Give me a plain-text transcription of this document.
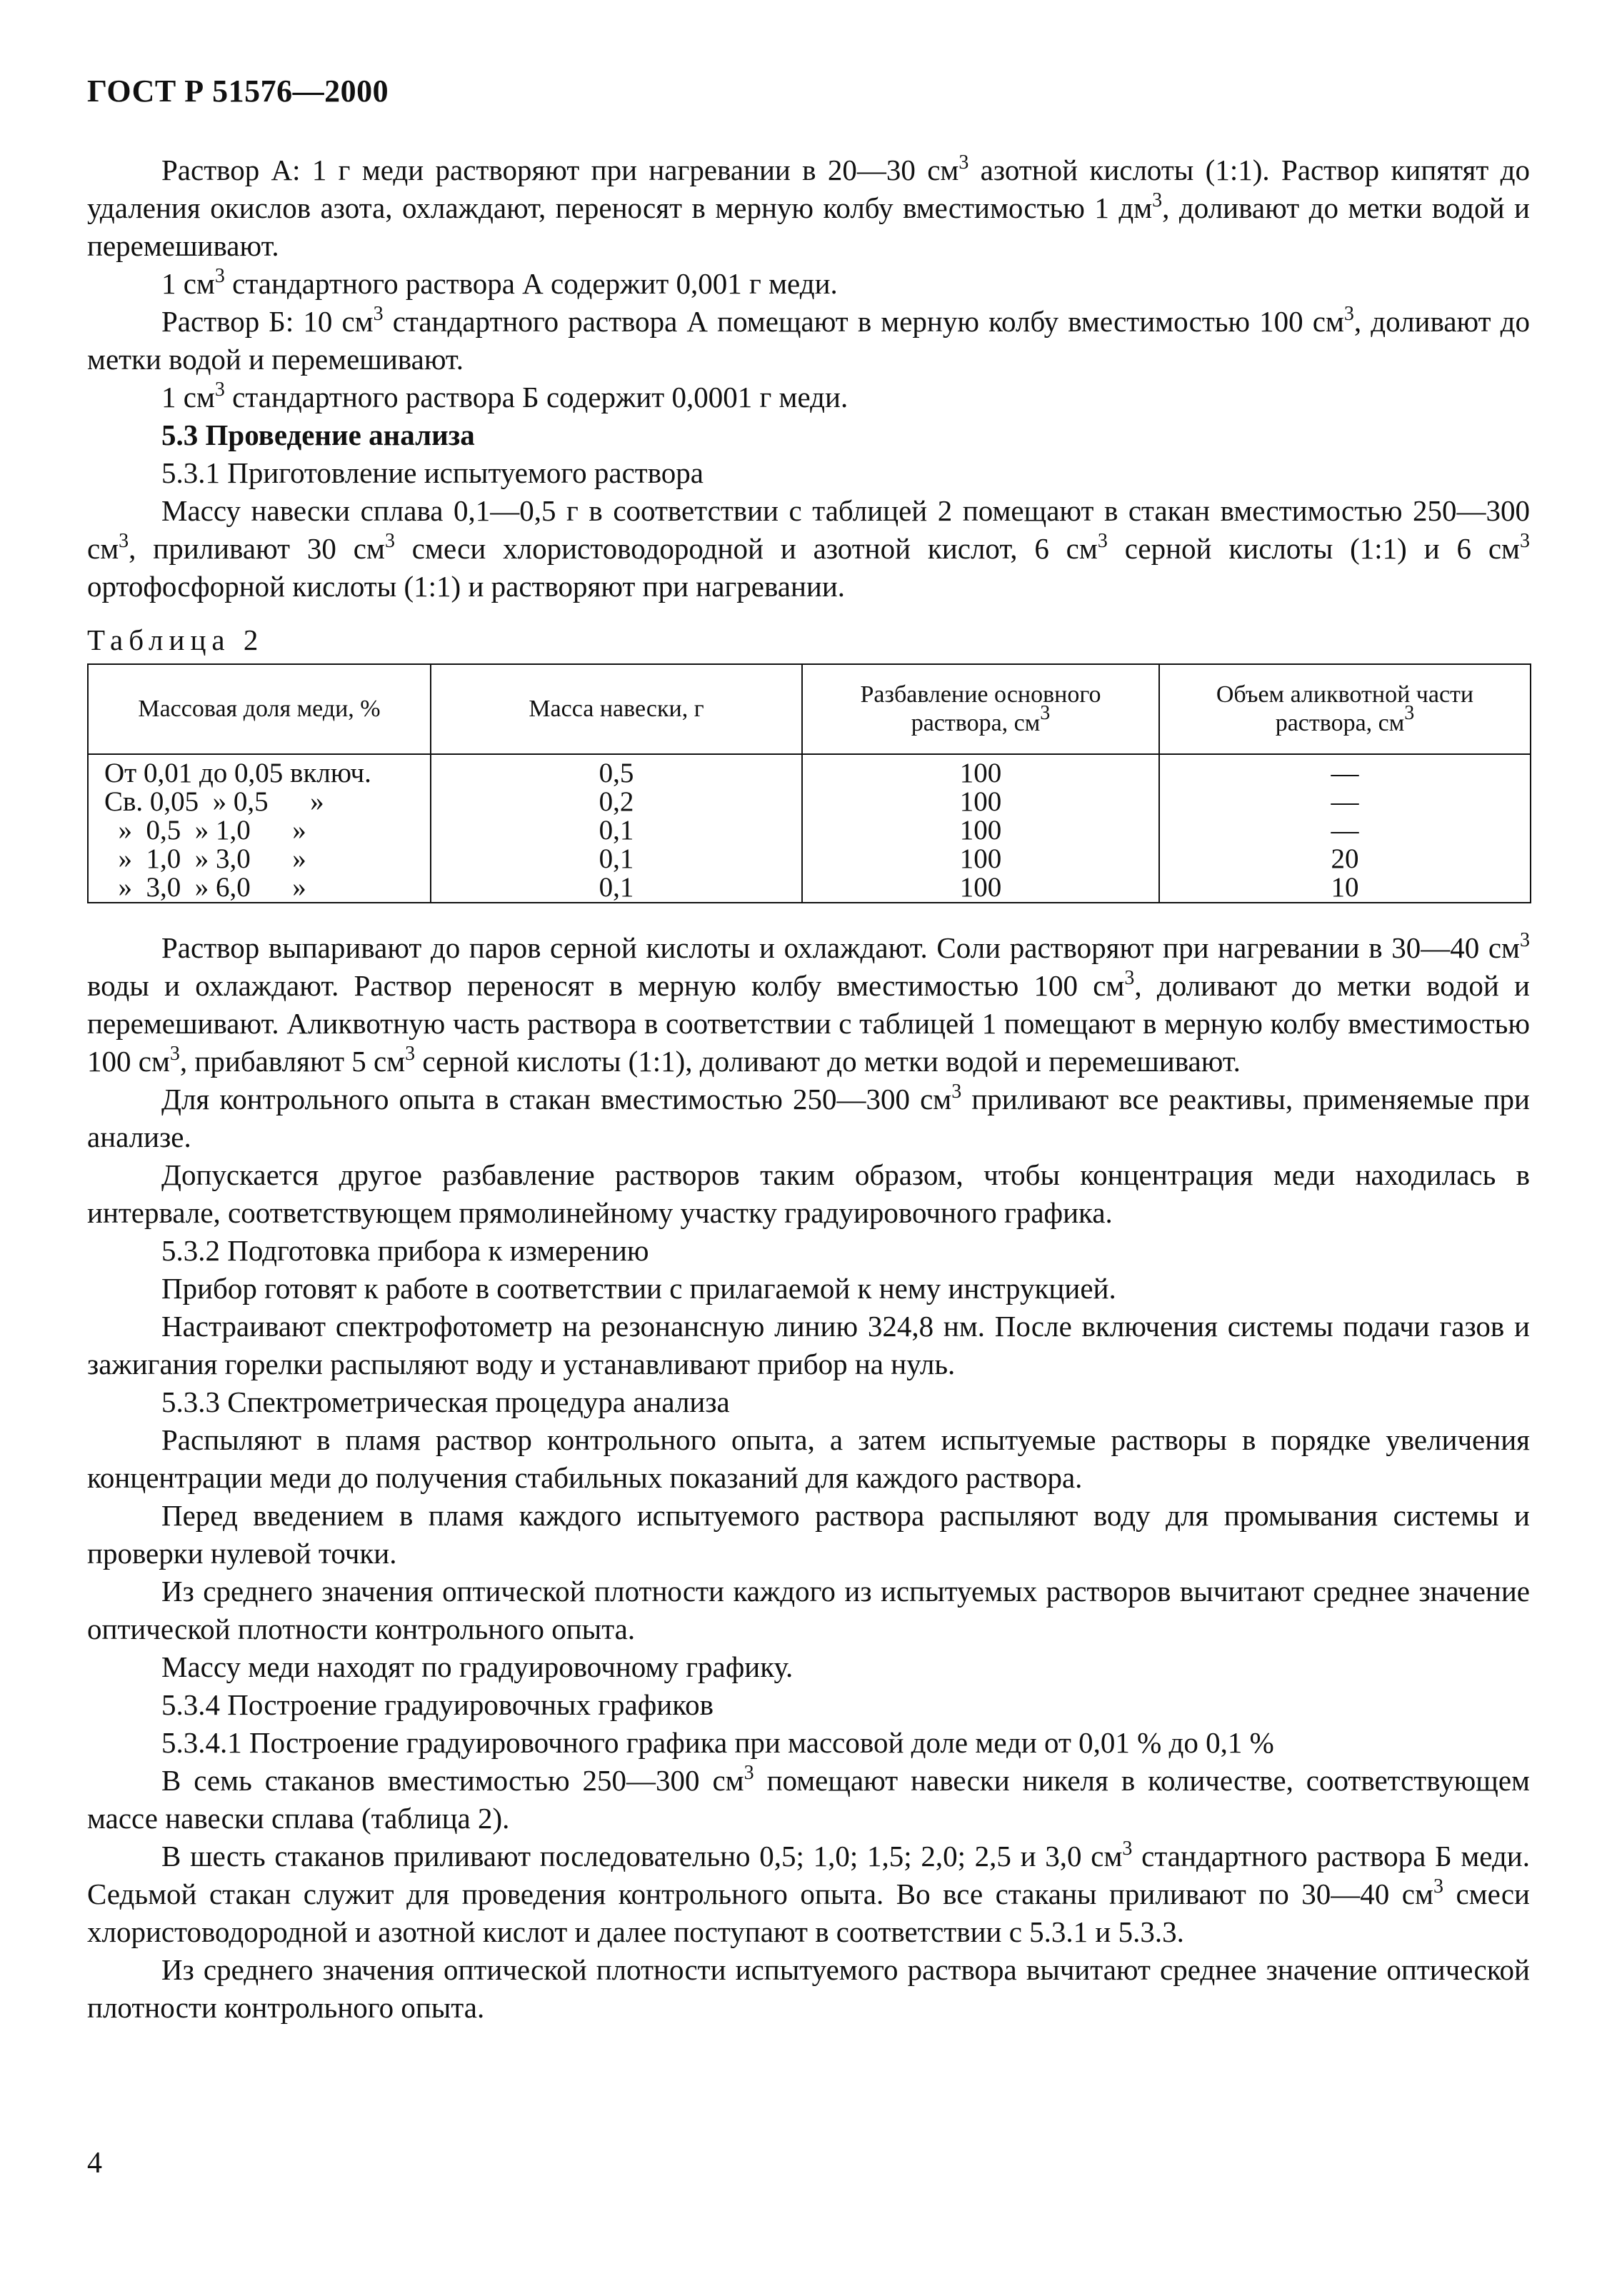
ГОСТ Р 51576—2000

Раствор А: 1 г меди растворяют при нагревании в 20—30 $см^3$ азотной кислоты (1:1). Раствор кипятят до удаления окислов азота, охлаждают, переносят в мерную колбу вместимостью 1 $дм^3$, доливают до метки водой и перемешивают.

1 $см^3$ стандартного раствора А содержит 0,001 г меди.

Раствор Б: 10 $см^3$ стандартного раствора А помещают в мерную колбу вместимостью 100 $см^3$, доливают до метки водой и перемешивают.

1 $см^3$ стандартного раствора Б содержит 0,0001 г меди.

5.3 Проведение анализа

5.3.1 Приготовление испытуемого раствора

Массу навески сплава 0,1—0,5 г в соответствии с таблицей 2 помещают в стакан вместимостью 250—300 $см^3$, приливают 30 $см^3$ смеси хлористоводородной и азотной кислот, 6 $см^3$ серной кислоты (1:1) и 6 $см^3$ ортофосфорной кислоты (1:1) и растворяют при нагревании.

Таблица 2

Массовая доля меди, %	Масса навески, г	Разбавление основного раствора, $см^3$	Объем аликвотной части раствора, $см^3$
От 0,01 до 0,05 включ.	0,5	100	—
Св. 0,05  » 0,5      »	0,2	100	—
»  0,5  » 1,0      »	0,1	100	—
»  1,0  » 3,0      »	0,1	100	20
»  3,0  » 6,0      »	0,1	100	10

Раствор выпаривают до паров серной кислоты и охлаждают. Соли растворяют при нагревании в 30—40 $см^3$ воды и охлаждают. Раствор переносят в мерную колбу вместимостью 100 $см^3$, доливают до метки водой и перемешивают. Аликвотную часть раствора в соответствии с таблицей 1 помещают в мерную колбу вместимостью 100 $см^3$, прибавляют 5 $см^3$ серной кислоты (1:1), доливают до метки водой и перемешивают.

Для контрольного опыта в стакан вместимостью 250—300 $см^3$ приливают все реактивы, применяемые при анализе.

Допускается другое разбавление растворов таким образом, чтобы концентрация меди находилась в интервале, соответствующем прямолинейному участку градуировочного графика.

5.3.2 Подготовка прибора к измерению

Прибор готовят к работе в соответствии с прилагаемой к нему инструкцией.

Настраивают спектрофотометр на резонансную линию 324,8 нм. После включения системы подачи газов и зажигания горелки распыляют воду и устанавливают прибор на нуль.

5.3.3 Спектрометрическая процедура анализа

Распыляют в пламя раствор контрольного опыта, а затем испытуемые растворы в порядке увеличения концентрации меди до получения стабильных показаний для каждого раствора.

Перед введением в пламя каждого испытуемого раствора распыляют воду для промывания системы и проверки нулевой точки.

Из среднего значения оптической плотности каждого из испытуемых растворов вычитают среднее значение оптической плотности контрольного опыта.

Массу меди находят по градуировочному графику.

5.3.4 Построение градуировочных графиков

5.3.4.1 Построение градуировочного графика при массовой доле меди от 0,01 % до 0,1 %

В семь стаканов вместимостью 250—300 $см^3$ помещают навески никеля в количестве, соответствующем массе навески сплава (таблица 2).

В шесть стаканов приливают последовательно 0,5; 1,0; 1,5; 2,0; 2,5 и 3,0 $см^3$ стандартного раствора Б меди. Седьмой стакан служит для проведения контрольного опыта. Во все стаканы приливают по 30—40 $см^3$ смеси хлористоводородной и азотной кислот и далее поступают в соответствии с 5.3.1 и 5.3.3.

Из среднего значения оптической плотности испытуемого раствора вычитают среднее значение оптической плотности контрольного опыта.

4
